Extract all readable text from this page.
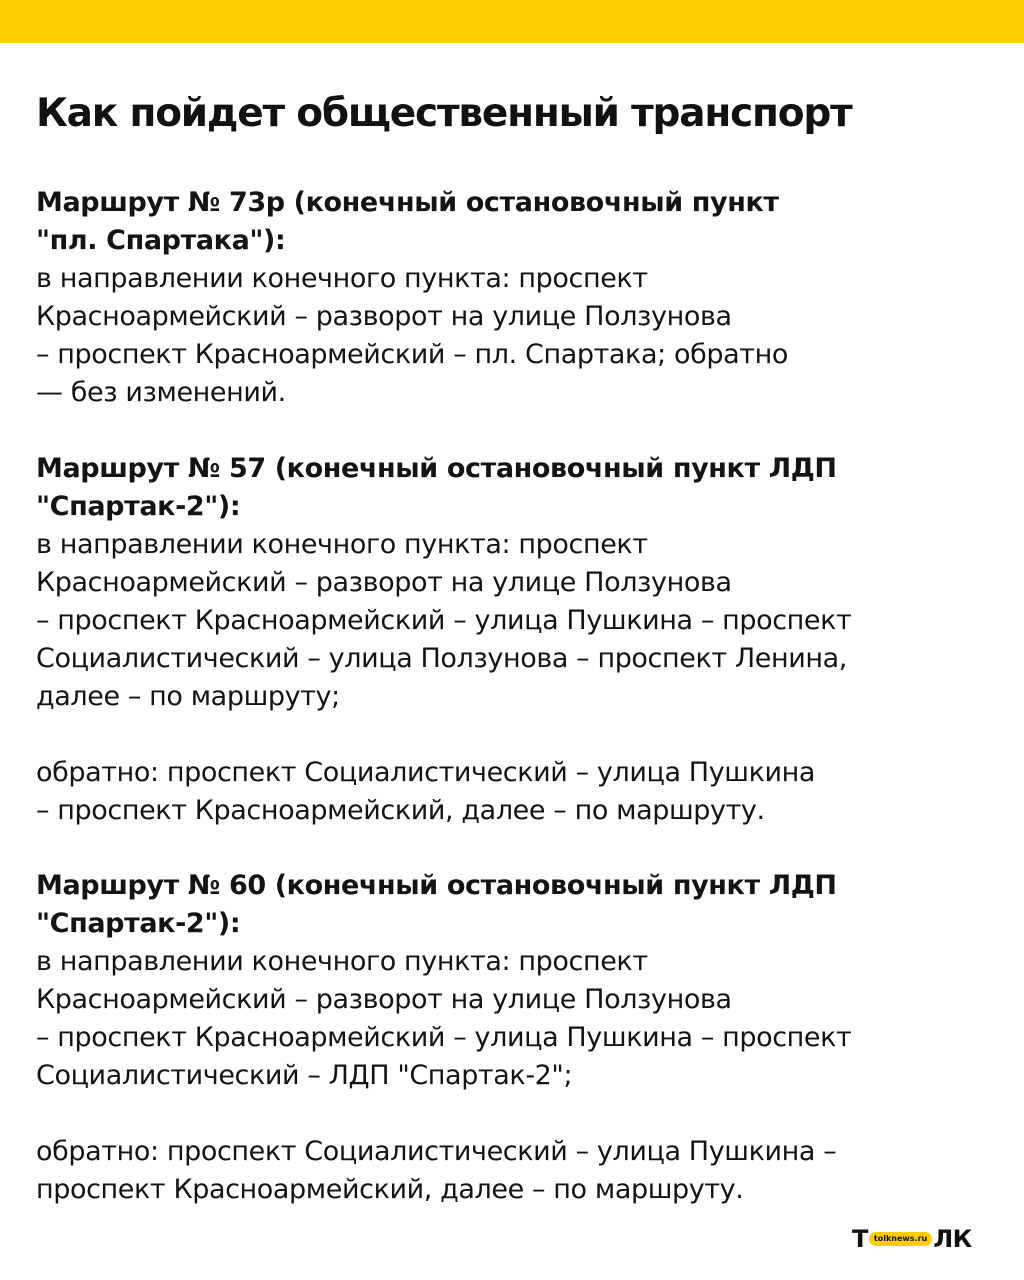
Как пойдет общественный транспорт
Маршрут № 73р (конечный остановочный пункт
"пл. Спартака"):
в направлении конечного пункта: проспект
Красноармейский – разворот на улице Ползунова
– проспект Красноармейский – пл. Спартака; обратно
— без изменений.
Маршрут № 57 (конечный остановочный пункт ЛДП
"Спартак-2"):
в направлении конечного пункта: проспект
Красноармейский – разворот на улице Ползунова
– проспект Красноармейский – улица Пушкина – проспект
Социалистический – улица Ползунова – проспект Ленина,
далее – по маршруту;
обратно: проспект Социалистический – улица Пушкина
– проспект Красноармейский, далее – по маршруту.
Маршрут № 60 (конечный остановочный пункт ЛДП
"Спартак-2"):
в направлении конечного пункта: проспект
Красноармейский – разворот на улице Ползунова
– проспект Красноармейский – улица Пушкина – проспект
Социалистический – ЛДП "Спартак-2";
обратно: проспект Социалистический – улица Пушкина –
проспект Красноармейский, далее – по маршруту.
Т tolknews.ru ЛК
